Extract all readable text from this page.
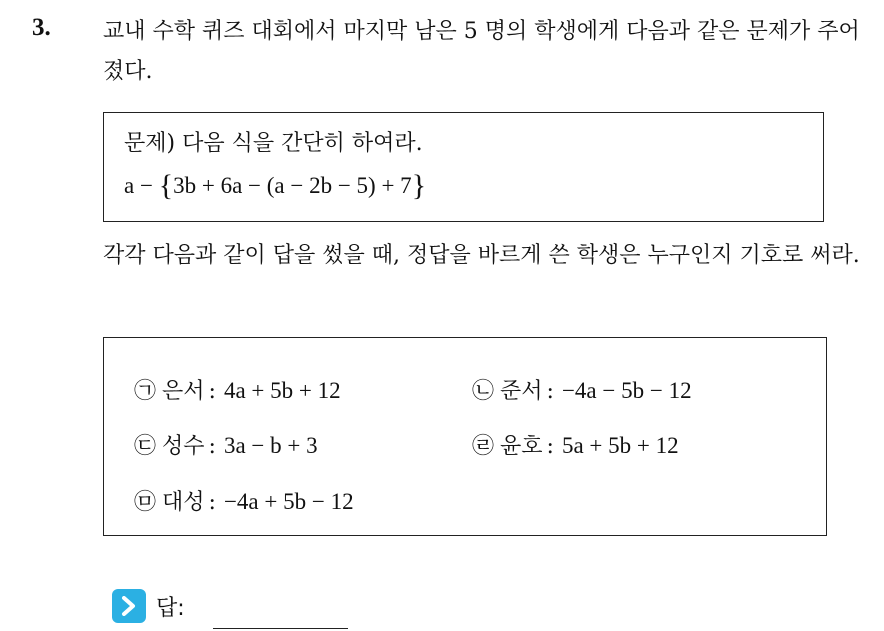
3. 교내 수학 퀴즈 대회에서 마지막 남은 5 명의 학생에게 다음과 같은 문제가 주어졌다.
문제) 다음 식을 간단히 하여라.
a − {3b + 6a − (a − 2b − 5) + 7}
각각 다음과 같이 답을 썼을 때, 정답을 바르게 쓴 학생은 누구인지 기호로 써라.
㉠ 은서 : 4a + 5b + 12	㉡ 준서 : −4a − 5b − 12
㉢ 성수 : 3a − b + 3	㉣ 윤호 : 5a + 5b + 12
㉤ 대성 : −4a + 5b − 12
답:
